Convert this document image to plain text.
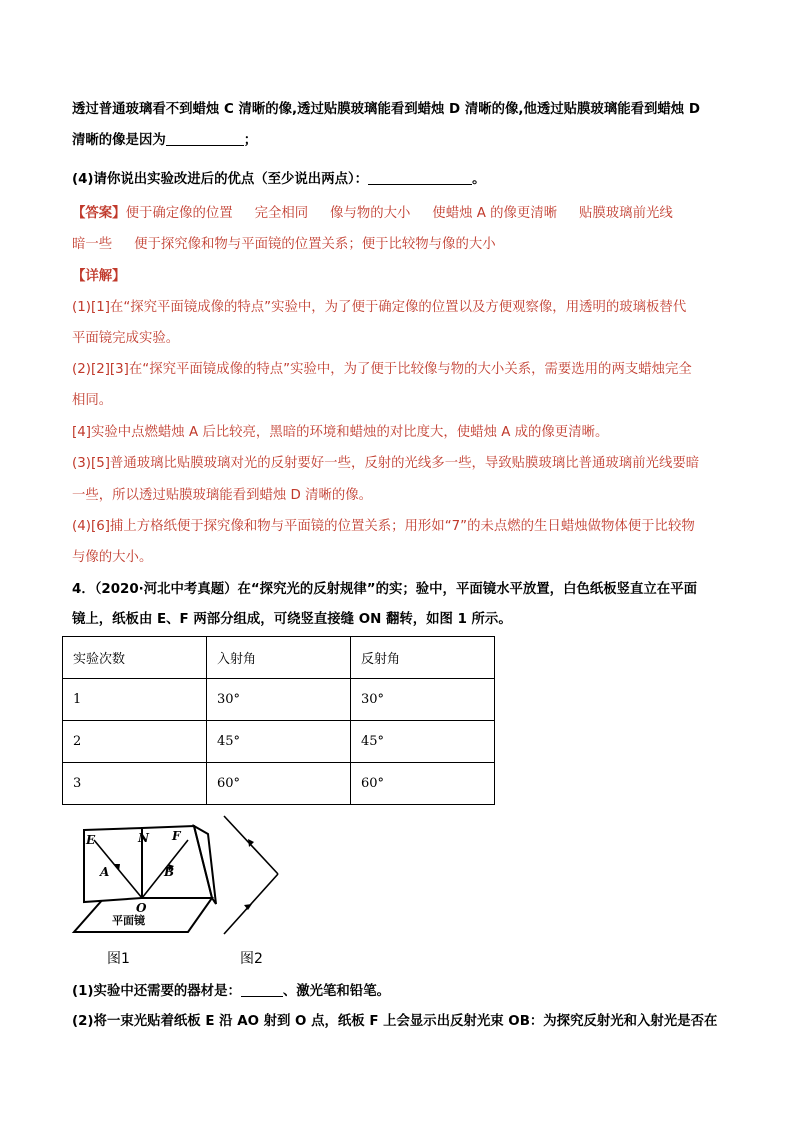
透过普通玻璃看不到蜡烛 C 清晰的像,透过贴膜玻璃能看到蜡烛 D 清晰的像,他透过贴膜玻璃能看到蜡烛 D
清晰的像是因为	；
(4)请你说出实验改进后的优点（至少说出两点）：	。
【答案】便于确定像的位置 　 完全相同 　 像与物的大小 　 使蜡烛 A 的像更清晰 　 贴膜玻璃前光线
暗一些 　 便于探究像和物与平面镜的位置关系；便于比较物与像的大小
【详解】
(1)[1]在“探究平面镜成像的特点”实验中，为了便于确定像的位置以及方便观察像，用透明的玻璃板替代
平面镜完成实验。
(2)[2][3]在“探究平面镜成像的特点”实验中，为了便于比较像与物的大小关系，需要选用的两支蜡烛完全
相同。
[4]实验中点燃蜡烛 A 后比较亮，黑暗的环境和蜡烛的对比度大，使蜡烛 A 成的像更清晰。
(3)[5]普通玻璃比贴膜玻璃对光的反射要好一些，反射的光线多一些，导致贴膜玻璃比普通玻璃前光线要暗
一些，所以透过贴膜玻璃能看到蜡烛 D 清晰的像。
(4)[6]捕上方格纸便于探究像和物与平面镜的位置关系；用形如“7”的未点燃的生日蜡烛做物体便于比较物
与像的大小。
4．（2020·河北中考真题）在“探究光的反射规律”的实；验中，平面镜水平放置，白色纸板竖直立在平面
镜上，纸板由 E、F 两部分组成，可绕竖直接缝 ON 翻转，如图 1 所示。
实验次数	入射角	反射角
1	30°	30°
2	45°	45°
3	60°	60°
E	N F
A	B
O
平面镜
图1	图2
(1)实验中还需要的器材是：	、激光笔和铅笔。
(2)将一束光贴着纸板 E 沿 AO 射到 O 点，纸板 F 上会显示出反射光束 OB：为探究反射光和入射光是否在
